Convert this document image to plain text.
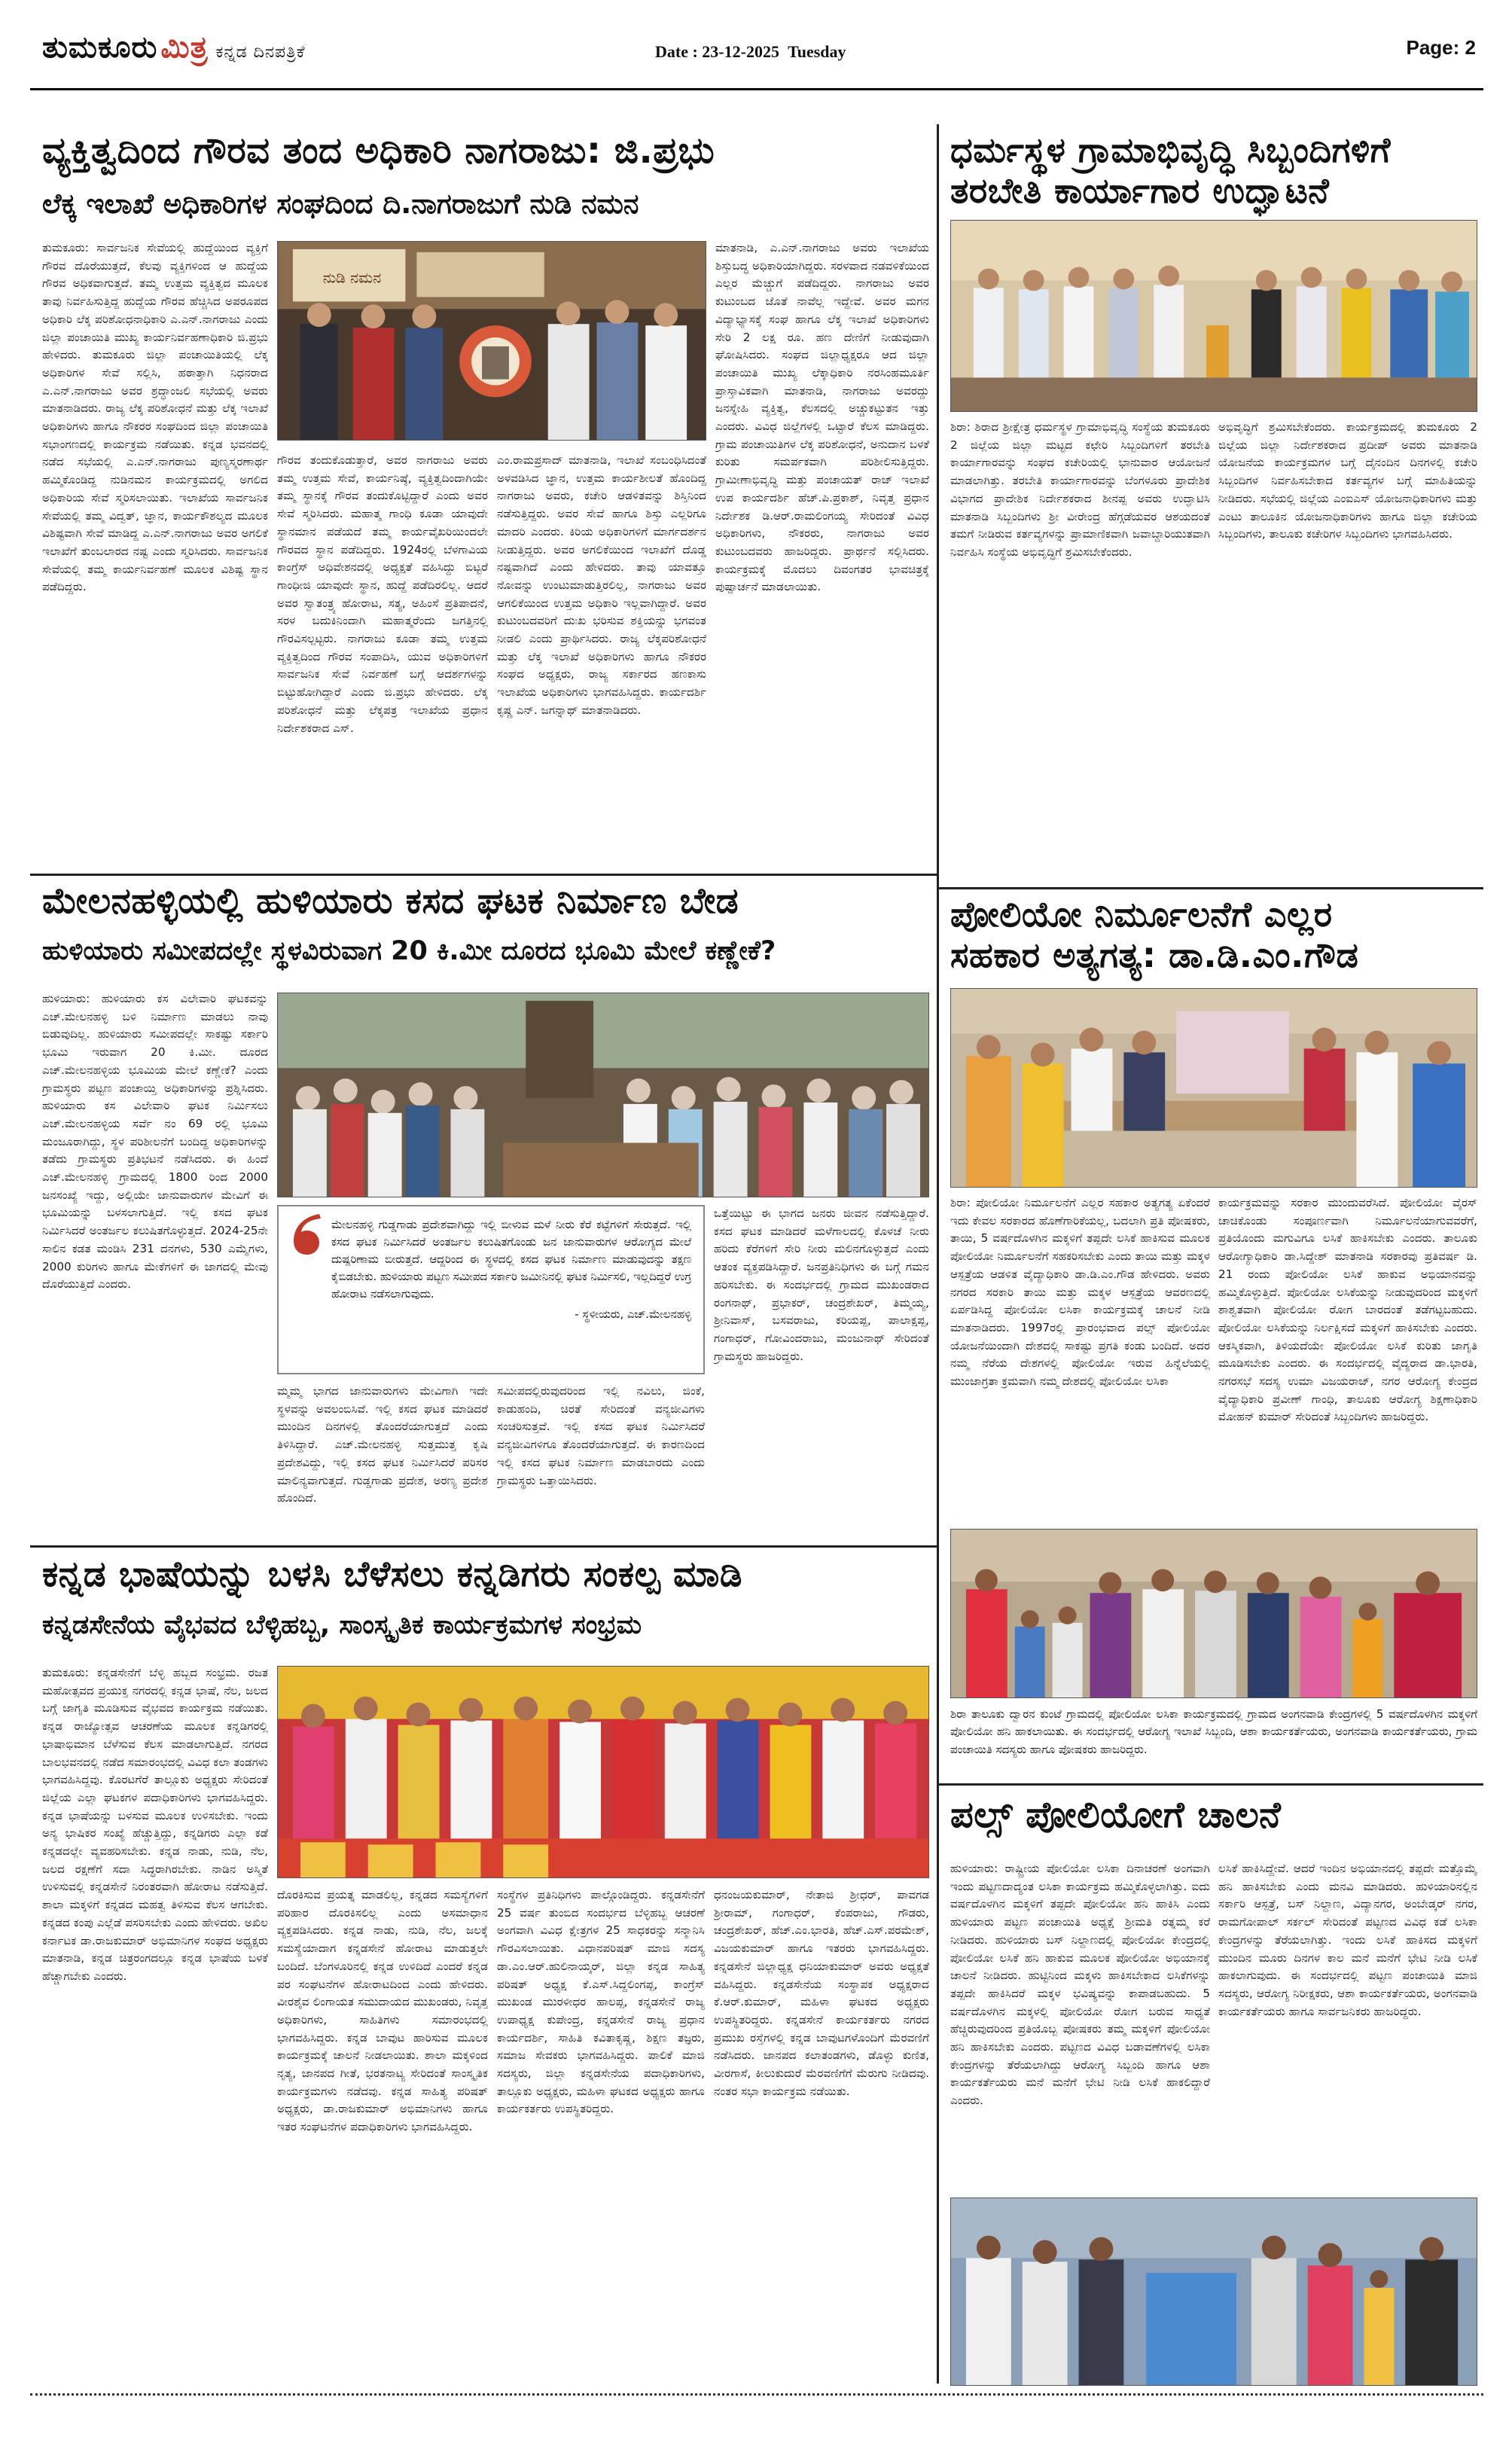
ತುಮಕೂರು ಮಿತ್ರ ಕನ್ನಡ ದಿನಪತ್ರಿಕೆ	Date : 23-12-2025 Tuesday	Page: 2
ವ್ಯಕ್ತಿತ್ವದಿಂದ ಗೌರವ ತಂದ ಅಧಿಕಾರಿ ನಾಗರಾಜು: ಜಿ.ಪ್ರಭು
ಲೆಕ್ಕ ಇಲಾಖೆ ಅಧಿಕಾರಿಗಳ ಸಂಘದಿಂದ ದಿ.ನಾಗರಾಜುಗೆ ನುಡಿ ನಮನ
ತುಮಕೂರು: ಸಾರ್ವಜನಿಕ ಸೇವೆಯಲ್ಲಿ ಹುದ್ದೆಯಿಂದ ವ್ಯಕ್ತಿಗೆ ಗೌರವ ದೊರೆಯುತ್ತದೆ, ಕೆಲವು ವ್ಯಕ್ತಿಗಳಿಂದ ಆ ಹುದ್ದೆಯ ಗೌರವ ಅಧಿಕವಾಗುತ್ತದೆ. ತಮ್ಮ ಉತ್ತಮ ವ್ಯಕ್ತಿತ್ವದ ಮೂಲಕ ತಾವು ನಿರ್ವಹಿಸುತ್ತಿದ್ದ ಹುದ್ದೆಯ ಗೌರವ ಹೆಚ್ಚಿಸಿದ ಅಪರೂಪದ ಅಧಿಕಾರಿ ಲೆಕ್ಕ ಪರಿಶೋಧನಾಧಿಕಾರಿ ಎ.ಎನ್.ನಾಗರಾಜು ಎಂದು ಜಿಲ್ಲಾ ಪಂಚಾಯಿತಿ ಮುಖ್ಯ ಕಾರ್ಯನಿರ್ವಹಣಾಧಿಕಾರಿ ಜಿ.ಪ್ರಭು ಹೇಳಿದರು. ತುಮಕೂರು ಜಿಲ್ಲಾ ಪಂಚಾಯಿತಿಯಲ್ಲಿ ಲೆಕ್ಕ ಅಧಿಕಾರಿಗಳ ಸೇವೆ ಸಲ್ಲಿಸಿ, ಹಠಾತ್ತಾಗಿ ನಿಧನರಾದ ಎ.ಎನ್.ನಾಗರಾಜು ಅವರ ಶ್ರದ್ಧಾಂಜಲಿ ಸಭೆಯಲ್ಲಿ ಅವರು ಮಾತನಾಡಿದರು. ರಾಜ್ಯ ಲೆಕ್ಕ ಪರಿಶೋಧನೆ ಮತ್ತು ಲೆಕ್ಕ ಇಲಾಖೆ ಅಧಿಕಾರಿಗಳು ಹಾಗೂ ನೌಕರರ ಸಂಘದಿಂದ ಜಿಲ್ಲಾ ಪಂಚಾಯಿತಿ ಸಭಾಂಗಣದಲ್ಲಿ ಕಾರ್ಯಕ್ರಮ ನಡೆಯಿತು. ಕನ್ನಡ ಭವನದಲ್ಲಿ ನಡೆದ ಸಭೆಯಲ್ಲಿ ಎ.ಎನ್.ನಾಗರಾಜು ಪುಣ್ಯಸ್ಮರಣಾರ್ಥ ಹಮ್ಮಿಕೊಂಡಿದ್ದ ನುಡಿನಮನ ಕಾರ್ಯಕ್ರಮದಲ್ಲಿ ಅಗಲಿದ ಅಧಿಕಾರಿಯ ಸೇವೆ ಸ್ಮರಿಸಲಾಯಿತು. ಇಲಾಖೆಯ ಸಾರ್ವಜನಿಕ ಸೇವೆಯಲ್ಲಿ ತಮ್ಮ ವಿದ್ವತ್, ಜ್ಞಾನ, ಕಾರ್ಯಕೌಶಲ್ಯದ ಮೂಲಕ ವಿಶಿಷ್ಟವಾಗಿ ಸೇವೆ ಮಾಡಿದ್ದ ಎ.ಎನ್.ನಾಗರಾಜು ಅವರ ಅಗಲಿಕೆ ಇಲಾಖೆಗೆ ತುಂಬಲಾರದ ನಷ್ಟ ಎಂದು ಸ್ಮರಿಸಿದರು. ಸಾರ್ವಜನಿಕ ಸೇವೆಯಲ್ಲಿ ತಮ್ಮ ಕಾರ್ಯನಿರ್ವಹಣೆ ಮೂಲಕ ವಿಶಿಷ್ಟ ಸ್ಥಾನ ಪಡೆದಿದ್ದರು.
ನುಡಿ ನಮನ
ಗೌರವ ತಂದುಕೊಡುತ್ತಾರೆ, ಅವರ ನಾಗರಾಜು ಅವರು ತಮ್ಮ ಉತ್ತಮ ಸೇವೆ, ಕಾರ್ಯನಿಷ್ಠೆ, ವ್ಯಕ್ತಿತ್ವದಿಂದಾಗಿಯೇ ತಮ್ಮ ಸ್ಥಾನಕ್ಕೆ ಗೌರವ ತಂದುಕೊಟ್ಟಿದ್ದಾರೆ ಎಂದು ಅವರ ಸೇವೆ ಸ್ಮರಿಸಿದರು. ಮಹಾತ್ಮ ಗಾಂಧಿ ಕೂಡಾ ಯಾವುದೇ ಸ್ಥಾನಮಾನ ಪಡೆಯದೆ ತಮ್ಮ ಕಾರ್ಯವೈಖರಿಯಿಂದಲೇ ಗೌರವದ ಸ್ಥಾನ ಪಡೆದಿದ್ದರು. 1924ರಲ್ಲಿ ಬೆಳಗಾವಿಯ ಕಾಂಗ್ರೆಸ್ ಅಧಿವೇಶನದಲ್ಲಿ ಅಧ್ಯಕ್ಷತೆ ವಹಿಸಿದ್ದು ಬಿಟ್ಟರೆ ಗಾಂಧೀಜಿ ಯಾವುದೇ ಸ್ಥಾನ, ಹುದ್ದೆ ಪಡೆದಿರಲಿಲ್ಲ. ಆದರೆ ಅವರ ಸ್ವಾತಂತ್ರ್ಯ ಹೋರಾಟ, ಸತ್ಯ, ಅಹಿಂಸೆ ಪ್ರತಿಪಾದನೆ, ಸರಳ ಬದುಕಿನಿಂದಾಗಿ ಮಹಾತ್ಮರೆಂದು ಜಗತ್ತಿನಲ್ಲಿ ಗೌರವಿಸಲ್ಪಟ್ಟರು. ನಾಗರಾಜು ಕೂಡಾ ತಮ್ಮ ಉತ್ತಮ ವ್ಯಕ್ತಿತ್ವದಿಂದ ಗೌರವ ಸಂಪಾದಿಸಿ, ಯುವ ಅಧಿಕಾರಿಗಳಿಗೆ ಸಾರ್ವಜನಿಕ ಸೇವೆ ನಿರ್ವಹಣೆ ಬಗ್ಗೆ ಆದರ್ಶಗಳನ್ನು ಬಿಟ್ಟುಹೋಗಿದ್ದಾರೆ ಎಂದು ಜಿ.ಪ್ರಭು ಹೇಳಿದರು. ಲೆಕ್ಕ ಪರಿಶೋಧನೆ ಮತ್ತು ಲೆಕ್ಕಪತ್ರ ಇಲಾಖೆಯ ಪ್ರಧಾನ ನಿರ್ದೇಶಕರಾದ ಎಸ್.
ಎಂ.ರಾಮಪ್ರಸಾದ್ ಮಾತನಾಡಿ, ಇಲಾಖೆ ಸಂಬಂಧಿಸಿದಂತೆ ಅಳವಡಿಸಿದ ಜ್ಞಾನ, ಉತ್ತಮ ಕಾರ್ಯಶೀಲತೆ ಹೊಂದಿದ್ದ ನಾಗರಾಜು ಅವರು, ಕಚೇರಿ ಆಡಳಿತವನ್ನು ಶಿಸ್ತಿನಿಂದ ನಡೆಸುತ್ತಿದ್ದರು. ಅವರ ಸೇವೆ ಹಾಗೂ ಶಿಸ್ತು ಎಲ್ಲರಿಗೂ ಮಾದರಿ ಎಂದರು. ಕಿರಿಯ ಅಧಿಕಾರಿಗಳಿಗೆ ಮಾರ್ಗದರ್ಶನ ನೀಡುತ್ತಿದ್ದರು. ಅವರ ಅಗಲಿಕೆಯಿಂದ ಇಲಾಖೆಗೆ ದೊಡ್ಡ ನಷ್ಟವಾಗಿದೆ ಎಂದು ಹೇಳಿದರು. ತಾವು ಯಾವತ್ತೂ ನೋವನ್ನು ಉಂಟುಮಾಡುತ್ತಿರಲಿಲ್ಲ, ನಾಗರಾಜು ಅವರ ಆಗಲಿಕೆಯಿಂದ ಉತ್ತಮ ಅಧಿಕಾರಿ ಇಲ್ಲವಾಗಿದ್ದಾರೆ. ಅವರ ಕುಟುಂಬದವರಿಗೆ ದುಃಖ ಭರಿಸುವ ಶಕ್ತಿಯನ್ನು ಭಗವಂತ ನೀಡಲಿ ಎಂದು ಪ್ರಾರ್ಥಿಸಿದರು. ರಾಜ್ಯ ಲೆಕ್ಕಪರಿಶೋಧನೆ ಮತ್ತು ಲೆಕ್ಕ ಇಲಾಖೆ ಅಧಿಕಾರಿಗಳು ಹಾಗೂ ನೌಕರರ ಸಂಘದ ಅಧ್ಯಕ್ಷರು, ರಾಜ್ಯ ಸರ್ಕಾರದ ಹಣಕಾಸು ಇಲಾಖೆಯ ಅಧಿಕಾರಿಗಳು ಭಾಗವಹಿಸಿದ್ದರು. ಕಾರ್ಯದರ್ಶಿ ಕೃಷ್ಣ ಎನ್. ಜಗನ್ನಾಥ್ ಮಾತನಾಡಿದರು.
ಮಾತನಾಡಿ, ಎ.ಎನ್.ನಾಗರಾಜು ಅವರು ಇಲಾಖೆಯ ಶಿಸ್ತುಬದ್ಧ ಅಧಿಕಾರಿಯಾಗಿದ್ದರು. ಸರಳವಾದ ನಡವಳಿಕೆಯಿಂದ ಎಲ್ಲರ ಮೆಚ್ಚುಗೆ ಪಡೆದಿದ್ದರು. ನಾಗರಾಜು ಅವರ ಕುಟುಂಬದ ಜೊತೆ ನಾವೆಲ್ಲ ಇದ್ದೇವೆ. ಅವರ ಮಗನ ವಿದ್ಯಾಭ್ಯಾಸಕ್ಕೆ ಸಂಘ ಹಾಗೂ ಲೆಕ್ಕ ಇಲಾಖೆ ಅಧಿಕಾರಿಗಳು ಸೇರಿ 2 ಲಕ್ಷ ರೂ. ಹಣ ದೇಣಿಗೆ ನೀಡುವುದಾಗಿ ಘೋಷಿಸಿದರು. ಸಂಘದ ಜಿಲ್ಲಾಧ್ಯಕ್ಷರೂ ಆದ ಜಿಲ್ಲಾ ಪಂಚಾಯಿತಿ ಮುಖ್ಯ ಲೆಕ್ಕಾಧಿಕಾರಿ ನರಸಿಂಹಮೂರ್ತಿ ಪ್ರಾಸ್ತಾವಿಕವಾಗಿ ಮಾತನಾಡಿ, ನಾಗರಾಜು ಅವರದ್ದು ಜನಸ್ನೇಹಿ ವ್ಯಕ್ತಿತ್ವ, ಕೆಲಸದಲ್ಲಿ ಅಚ್ಚುಕಟ್ಟುತನ ಇತ್ತು ಎಂದರು. ವಿವಿಧ ಜಿಲ್ಲೆಗಳಲ್ಲಿ ಒಟ್ಟಾರೆ ಕೆಲಸ ಮಾಡಿದ್ದರು. ಗ್ರಾಮ ಪಂಚಾಯಿತಿಗಳ ಲೆಕ್ಕ ಪರಿಶೋಧನೆ, ಅನುದಾನ ಬಳಕೆ ಕುರಿತು ಸಮರ್ಪಕವಾಗಿ ಪರಿಶೀಲಿಸುತ್ತಿದ್ದರು. ಗ್ರಾಮೀಣಾಭಿವೃದ್ಧಿ ಮತ್ತು ಪಂಚಾಯತ್ ರಾಜ್ ಇಲಾಖೆ ಉಪ ಕಾರ್ಯದರ್ಶಿ ಹೆಚ್.ಪಿ.ಪ್ರಕಾಶ್, ನಿವೃತ್ತ ಪ್ರಧಾನ ನಿರ್ದೇಶಕ ಡಿ.ಆರ್.ರಾಮಲಿಂಗಯ್ಯ ಸೇರಿದಂತೆ ವಿವಿಧ ಅಧಿಕಾರಿಗಳು, ನೌಕರರು, ನಾಗರಾಜು ಅವರ ಕುಟುಂಬದವರು ಹಾಜರಿದ್ದರು. ಪ್ರಾರ್ಥನೆ ಸಲ್ಲಿಸಿದರು. ಕಾರ್ಯಕ್ರಮಕ್ಕೆ ಮೊದಲು ದಿವಂಗತರ ಭಾವಚಿತ್ರಕ್ಕೆ ಪುಷ್ಪಾರ್ಚನೆ ಮಾಡಲಾಯಿತು.
ಧರ್ಮಸ್ಥಳ ಗ್ರಾಮಾಭಿವೃದ್ಧಿ ಸಿಬ್ಬಂದಿಗಳಿಗೆ
ತರಬೇತಿ ಕಾರ್ಯಾಗಾರ ಉದ್ಘಾಟನೆ
ಶಿರಾ: ಶಿರಾದ ಶ್ರೀಕ್ಷೇತ್ರ ಧರ್ಮಸ್ಥಳ ಗ್ರಾಮಾಭಿವೃದ್ಧಿ ಸಂಸ್ಥೆಯ ತುಮಕೂರು 2 ಜಿಲ್ಲೆಯ ಜಿಲ್ಲಾ ಮಟ್ಟದ ಕಛೇರಿ ಸಿಬ್ಬಂದಿಗಳಿಗೆ ತರಬೇತಿ ಕಾರ್ಯಾಗಾರವನ್ನು ಸಂಘದ ಕಚೇರಿಯಲ್ಲಿ ಭಾನುವಾರ ಆಯೋಜನೆ ಮಾಡಲಾಗಿತ್ತು. ತರಬೇತಿ ಕಾರ್ಯಾಗಾರವನ್ನು ಬೆಂಗಳೂರು ಪ್ರಾದೇಶಿಕ ವಿಭಾಗದ ಪ್ರಾದೇಶಿಕ ನಿರ್ದೇಶಕರಾದ ಶೀನಪ್ಪ ಅವರು ಉದ್ಘಾಟಿಸಿ ಮಾತನಾಡಿ ಸಿಬ್ಬಂದಿಗಳು ಶ್ರೀ ವೀರೇಂದ್ರ ಹೆಗ್ಗಡೆಯವರ ಆಶಯದಂತೆ ತಮಗೆ ನೀಡಿರುವ ಕರ್ತವ್ಯಗಳನ್ನು ಪ್ರಾಮಾಣಿಕವಾಗಿ ಜವಾಬ್ದಾರಿಯುತವಾಗಿ ನಿರ್ವಹಿಸಿ ಸಂಸ್ಥೆಯ ಅಭಿವೃದ್ಧಿಗೆ ಶ್ರಮಿಸಬೇಕೆಂದರು.
ಅಭಿವೃದ್ಧಿಗೆ ಶ್ರಮಿಸಬೇಕೆಂದರು. ಕಾರ್ಯಕ್ರಮದಲ್ಲಿ ತುಮಕೂರು 2 ಜಿಲ್ಲೆಯ ಜಿಲ್ಲಾ ನಿರ್ದೇಶಕರಾದ ಪ್ರದೀಪ್ ಅವರು ಮಾತನಾಡಿ ಯೋಜನೆಯ ಕಾರ್ಯಕ್ರಮಗಳ ಬಗ್ಗೆ ದೈನಂದಿನ ದಿನಗಳಲ್ಲಿ ಕಚೇರಿ ಸಿಬ್ಬಂದಿಗಳ ನಿರ್ವಹಿಸಬೇಕಾದ ಕರ್ತವ್ಯಗಳ ಬಗ್ಗೆ ಮಾಹಿತಿಯನ್ನು ನೀಡಿದರು. ಸಭೆಯಲ್ಲಿ ಜಿಲ್ಲೆಯ ಎಂಐಎಸ್ ಯೋಜನಾಧಿಕಾರಿಗಳು ಮತ್ತು ಎಂಟು ತಾಲೂಕಿನ ಯೋಜನಾಧಿಕಾರಿಗಳು ಹಾಗೂ ಜಿಲ್ಲಾ ಕಚೇರಿಯ ಸಿಬ್ಬಂದಿಗಳು, ತಾಲೂಕು ಕಚೇರಿಗಳ ಸಿಬ್ಬಂದಿಗಳು ಭಾಗವಹಿಸಿದರು.
ಪೋಲಿಯೋ ನಿರ್ಮೂಲನೆಗೆ ಎಲ್ಲರ
ಸಹಕಾರ ಅತ್ಯಗತ್ಯ: ಡಾ.ಡಿ.ಎಂ.ಗೌಡ
ಶಿರಾ: ಪೋಲಿಯೋ ನಿರ್ಮೂಲನೆಗೆ ಎಲ್ಲರ ಸಹಕಾರ ಅತ್ಯಗತ್ಯ ಏಕೆಂದರೆ ಇದು ಕೇವಲ ಸರಕಾರದ ಹೊಣೆಗಾರಿಕೆಯಲ್ಲ, ಬದಲಾಗಿ ಪ್ರತಿ ಪೋಷಕರು, ತಾಯಿ, 5 ವರ್ಷದೊಳಗಿನ ಮಕ್ಕಳಿಗೆ ತಪ್ಪದೇ ಲಸಿಕೆ ಹಾಕಿಸುವ ಮೂಲಕ ಪೋಲಿಯೋ ನಿರ್ಮೂಲನೆಗೆ ಸಹಕರಿಸಬೇಕು ಎಂದು ತಾಯಿ ಮತ್ತು ಮಕ್ಕಳ ಆಸ್ಪತ್ರೆಯ ಆಡಳಿತ ವೈದ್ಯಾಧಿಕಾರಿ ಡಾ.ಡಿ.ಎಂ.ಗೌಡ ಹೇಳಿದರು. ಅವರು ನಗರದ ಸರಕಾರಿ ತಾಯಿ ಮತ್ತು ಮಕ್ಕಳ ಆಸ್ಪತ್ರೆಯ ಆವರಣದಲ್ಲಿ ಏರ್ಪಡಿಸಿದ್ದ ಪೋಲಿಯೋ ಲಸಿಕಾ ಕಾರ್ಯಕ್ರಮಕ್ಕೆ ಚಾಲನೆ ನೀಡಿ ಮಾತನಾಡಿದರು. 1997ರಲ್ಲಿ ಪ್ರಾರಂಭವಾದ ಪಲ್ಸ್ ಪೋಲಿಯೋ ಯೋಜನೆಯಿಂದಾಗಿ ದೇಶದಲ್ಲಿ ಸಾಕಷ್ಟು ಪ್ರಗತಿ ಕಂಡು ಬಂದಿದೆ. ಅದರ ನಮ್ಮ ನೆರೆಯ ದೇಶಗಳಲ್ಲಿ ಪೋಲಿಯೋ ಇರುವ ಹಿನ್ನೆಲೆಯಲ್ಲಿ ಮುಂಜಾಗ್ರತಾ ಕ್ರಮವಾಗಿ ನಮ್ಮ ದೇಶದಲ್ಲಿ ಪೋಲಿಯೋ ಲಸಿಕಾ
ಕಾರ್ಯಕ್ರಮವನ್ನು ಸರಕಾರ ಮುಂದುವರೆಸಿದೆ. ಪೋಲಿಯೋ ವೈರಸ್ ಚಾಚಿಕೊಂಡು ಸಂಪೂರ್ಣವಾಗಿ ನಿರ್ಮೂಲನೆಯಾಗುವವರೆಗೆ, ಪ್ರತಿಯೊಂದು ಮಗುವಿಗೂ ಲಸಿಕೆ ಹಾಕಿಸಬೇಕು ಎಂದರು. ತಾಲೂಕು ಆರೋಗ್ಯಾಧಿಕಾರಿ ಡಾ.ಸಿದ್ದೇಶ್ ಮಾತನಾಡಿ ಸರಕಾರವು ಪ್ರತಿವರ್ಷ ಡಿ. 21 ರಂದು ಪೋಲಿಯೋ ಲಸಿಕೆ ಹಾಕುವ ಅಭಿಯಾನವನ್ನು ಹಮ್ಮಿಕೊಳ್ಳುತ್ತಿದೆ. ಪೋಲಿಯೋ ಲಸಿಕೆಯನ್ನು ನೀಡುವುದರಿಂದ ಮಕ್ಕಳಿಗೆ ಶಾಶ್ವತವಾಗಿ ಪೋಲಿಯೋ ರೋಗ ಬಾರದಂತೆ ತಡೆಗಟ್ಟಬಹುದು. ಪೋಲಿಯೋ ಲಸಿಕೆಯನ್ನು ನಿರ್ಲಕ್ಷಿಸದೆ ಮಕ್ಕಳಿಗೆ ಹಾಕಿಸಬೇಕು ಎಂದರು. ಆಕಸ್ಮಿಕವಾಗಿ, ತಿಳಿಯದೆಯೇ ಪೋಲಿಯೋ ಲಸಿಕೆ ಕುರಿತು ಜಾಗೃತಿ ಮೂಡಿಸಬೇಕು ಎಂದರು. ಈ ಸಂದರ್ಭದಲ್ಲಿ ವೈದ್ಯರಾದ ಡಾ.ಭಾರತಿ, ನಗರಸಭೆ ಸದಸ್ಯ ಉಮಾ ವಿಜಯರಾಜ್, ನಗರ ಆರೋಗ್ಯ ಕೇಂದ್ರದ ವೈದ್ಯಾಧಿಕಾರಿ ಪ್ರವೀಣ್ ಗಾಂಧಿ, ತಾಲೂಕು ಆರೋಗ್ಯ ಶಿಕ್ಷಣಾಧಿಕಾರಿ ಮೋಹನ್ ಕುಮಾರ್ ಸೇರಿದಂತೆ ಸಿಬ್ಬಂದಿಗಳು ಹಾಜರಿದ್ದರು.
ಶಿರಾ ತಾಲೂಕು ದ್ವಾರನ ಕುಂಟೆ ಗ್ರಾಮದಲ್ಲಿ ಪೋಲಿಯೋ ಲಸಿಕಾ ಕಾರ್ಯಕ್ರಮದಲ್ಲಿ ಗ್ರಾಮದ ಅಂಗನವಾಡಿ ಕೇಂದ್ರಗಳಲ್ಲಿ 5 ವರ್ಷದೊಳಗಿನ ಮಕ್ಕಳಿಗೆ ಪೋಲಿಯೋ ಹನಿ ಹಾಕಲಾಯಿತು. ಈ ಸಂದರ್ಭದಲ್ಲಿ ಆರೋಗ್ಯ ಇಲಾಖೆ ಸಿಬ್ಬಂದಿ, ಆಶಾ ಕಾರ್ಯಕರ್ತೆಯರು, ಅಂಗನವಾಡಿ ಕಾರ್ಯಕರ್ತೆಯರು, ಗ್ರಾಮ ಪಂಚಾಯಿತಿ ಸದಸ್ಯರು ಹಾಗೂ ಪೋಷಕರು ಹಾಜರಿದ್ದರು.
ಪಲ್ಸ್ ಪೋಲಿಯೋಗೆ ಚಾಲನೆ
ಹುಳಿಯಾರು: ರಾಷ್ಟ್ರೀಯ ಪೋಲಿಯೋ ಲಸಿಕಾ ದಿನಾಚರಣೆ ಅಂಗವಾಗಿ ಇಂದು ಪಟ್ಟಣದಾದ್ಯಂತ ಲಸಿಕಾ ಕಾರ್ಯಕ್ರಮ ಹಮ್ಮಿಕೊಳ್ಳಲಾಗಿತ್ತು. ಐದು ವರ್ಷದೊಳಗಿನ ಮಕ್ಕಳಿಗೆ ತಪ್ಪದೇ ಪೋಲಿಯೋ ಹನಿ ಹಾಕಿಸಿ ಎಂದು ಹುಳಿಯಾರು ಪಟ್ಟಣ ಪಂಚಾಯಿತಿ ಅಧ್ಯಕ್ಷೆ ಶ್ರೀಮತಿ ರತ್ನಮ್ಮ ಕರೆ ನೀಡಿದರು. ಹುಳಿಯಾರು ಬಸ್ ನಿಲ್ದಾಣದಲ್ಲಿ ಪೋಲಿಯೋ ಕೇಂದ್ರದಲ್ಲಿ ಪೋಲಿಯೋ ಲಸಿಕೆ ಹನಿ ಹಾಕುವ ಮೂಲಕ ಪೋಲಿಯೋ ಅಭಿಯಾನಕ್ಕೆ ಚಾಲನೆ ನೀಡಿದರು. ಹುಟ್ಟಿನಿಂದ ಮಕ್ಕಳು ಹಾಕಿಸಬೇಕಾದ ಲಸಿಕೆಗಳನ್ನು ತಪ್ಪದೇ ಹಾಕಿಸಿದರೆ ಮಕ್ಕಳ ಭವಿಷ್ಯವನ್ನು ಕಾಪಾಡಬಹುದು. 5 ವರ್ಷದೊಳಗಿನ ಮಕ್ಕಳಲ್ಲಿ ಪೋಲಿಯೋ ರೋಗ ಬರುವ ಸಾಧ್ಯತೆ ಹೆಚ್ಚಿರುವುದರಿಂದ ಪ್ರತಿಯೊಬ್ಬ ಪೋಷಕರು ತಮ್ಮ ಮಕ್ಕಳಿಗೆ ಪೋಲಿಯೋ ಹನಿ ಹಾಕಿಸಬೇಕು ಎಂದರು. ಪಟ್ಟಣದ ವಿವಿಧ ಬಡಾವಣೆಗಳಲ್ಲಿ ಲಸಿಕಾ ಕೇಂದ್ರಗಳನ್ನು ತೆರೆಯಲಾಗಿದ್ದು ಆರೋಗ್ಯ ಸಿಬ್ಬಂದಿ ಹಾಗೂ ಆಶಾ ಕಾರ್ಯಕರ್ತೆಯರು ಮನೆ ಮನೆಗೆ ಭೇಟಿ ನೀಡಿ ಲಸಿಕೆ ಹಾಕಲಿದ್ದಾರೆ ಎಂದರು.
ಲಸಿಕೆ ಹಾಕಿಸಿದ್ದೇವೆ. ಆದರೆ ಇಂದಿನ ಅಭಿಯಾನದಲ್ಲಿ ತಪ್ಪದೇ ಮತ್ತೊಮ್ಮೆ ಹನಿ ಹಾಕಿಸಬೇಕು ಎಂದು ಮನವಿ ಮಾಡಿದರು. ಹುಳಿಯಾರಿನಲ್ಲಿನ ಸರ್ಕಾರಿ ಆಸ್ಪತ್ರೆ, ಬಸ್ ನಿಲ್ದಾಣ, ವಿದ್ಯಾನಗರ, ಅಂಬೇಡ್ಕರ್ ನಗರ, ರಾಮಗೋಪಾಲ್ ಸರ್ಕಲ್ ಸೇರಿದಂತೆ ಪಟ್ಟಣದ ವಿವಿಧ ಕಡೆ ಲಸಿಕಾ ಕೇಂದ್ರಗಳನ್ನು ತೆರೆಯಲಾಗಿತ್ತು. ಇಂದು ಲಸಿಕೆ ಹಾಕಿಸದ ಮಕ್ಕಳಿಗೆ ಮುಂದಿನ ಮೂರು ದಿನಗಳ ಕಾಲ ಮನೆ ಮನೆಗೆ ಭೇಟಿ ನೀಡಿ ಲಸಿಕೆ ಹಾಕಲಾಗುವುದು. ಈ ಸಂದರ್ಭದಲ್ಲಿ ಪಟ್ಟಣ ಪಂಚಾಯಿತಿ ಮಾಜಿ ಸದಸ್ಯರು, ಆರೋಗ್ಯ ನಿರೀಕ್ಷಕರು, ಆಶಾ ಕಾರ್ಯಕರ್ತೆಯರು, ಅಂಗನವಾಡಿ ಕಾರ್ಯಕರ್ತೆಯರು ಹಾಗೂ ಸಾರ್ವಜನಿಕರು ಹಾಜರಿದ್ದರು.
ಮೇಲನಹಳ್ಳಿಯಲ್ಲಿ ಹುಳಿಯಾರು ಕಸದ ಘಟಕ ನಿರ್ಮಾಣ ಬೇಡ
ಹುಳಿಯಾರು ಸಮೀಪದಲ್ಲೇ ಸ್ಥಳವಿರುವಾಗ 20 ಕಿ.ಮೀ ದೂರದ ಭೂಮಿ ಮೇಲೆ ಕಣ್ಣೇಕೆ?
ಹುಳಿಯಾರು: ಹುಳಿಯಾರು ಕಸ ವಿಲೇವಾರಿ ಘಟಕವನ್ನು ಎಚ್.ಮೇಲನಹಳ್ಳಿ ಬಳಿ ನಿರ್ಮಾಣ ಮಾಡಲು ನಾವು ಬಿಡುವುದಿಲ್ಲ. ಹುಳಿಯಾರು ಸಮೀಪದಲ್ಲೇ ಸಾಕಷ್ಟು ಸರ್ಕಾರಿ ಭೂಮಿ ಇರುವಾಗ 20 ಕಿ.ಮೀ. ದೂರದ ಎಚ್.ಮೇಲನಹಳ್ಳಿಯ ಭೂಮಿಯ ಮೇಲೆ ಕಣ್ಣೇಕೆ? ಎಂದು ಗ್ರಾಮಸ್ಥರು ಪಟ್ಟಣ ಪಂಚಾಯ್ತಿ ಅಧಿಕಾರಿಗಳನ್ನು ಪ್ರಶ್ನಿಸಿದರು. ಹುಳಿಯಾರು ಕಸ ವಿಲೇವಾರಿ ಘಟಕ ನಿರ್ಮಿಸಲು ಎಚ್.ಮೇಲನಹಳ್ಳಿಯ ಸರ್ವೆ ನಂ 69 ರಲ್ಲಿ ಭೂಮಿ ಮಂಜೂರಾಗಿದ್ದು, ಸ್ಥಳ ಪರಿಶೀಲನೆಗೆ ಬಂದಿದ್ದ ಅಧಿಕಾರಿಗಳನ್ನು ತಡೆದು ಗ್ರಾಮಸ್ಥರು ಪ್ರತಿಭಟನೆ ನಡೆಸಿದರು. ಈ ಹಿಂದೆ ಎಚ್.ಮೇಲನಹಳ್ಳಿ ಗ್ರಾಮದಲ್ಲಿ 1800 ರಿಂದ 2000 ಜನಸಂಖ್ಯೆ ಇದ್ದು, ಅಲ್ಲಿಯೇ ಜಾನುವಾರುಗಳ ಮೇವಿಗೆ ಈ ಭೂಮಿಯನ್ನು ಬಳಸಲಾಗುತ್ತಿದೆ. ಇಲ್ಲಿ ಕಸದ ಘಟಕ ನಿರ್ಮಿಸಿದರೆ ಅಂತರ್ಜಲ ಕಲುಷಿತಗೊಳ್ಳುತ್ತದೆ. 2024-25ನೇ ಸಾಲಿನ ಕಡತ ಮಂಡಿಸಿ 231 ದನಗಳು, 530 ಎಮ್ಮೆಗಳು, 2000 ಕುರಿಗಳು ಹಾಗೂ ಮೇಕೆಗಳಿಗೆ ಈ ಜಾಗದಲ್ಲಿ ಮೇವು ದೊರೆಯುತ್ತಿದೆ ಎಂದರು.
ಮೇಲನಹಳ್ಳಿ ಗುಡ್ಡಗಾಡು ಪ್ರದೇಶವಾಗಿದ್ದು ಇಲ್ಲಿ ಬೀಳುವ ಮಳೆ ನೀರು ಕೆರೆ ಕಟ್ಟೆಗಳಿಗೆ ಸೇರುತ್ತದೆ. ಇಲ್ಲಿ ಕಸದ ಘಟಕ ನಿರ್ಮಿಸಿದರೆ ಅಂತರ್ಜಲ ಕಲುಷಿತಗೊಂಡು ಜನ ಜಾನುವಾರುಗಳ ಆರೋಗ್ಯದ ಮೇಲೆ ದುಷ್ಪರಿಣಾಮ ಬೀರುತ್ತದೆ. ಆದ್ದರಿಂದ ಈ ಸ್ಥಳದಲ್ಲಿ ಕಸದ ಘಟಕ ನಿರ್ಮಾಣ ಮಾಡುವುದನ್ನು ತಕ್ಷಣ ಕೈಬಿಡಬೇಕು. ಹುಳಿಯಾರು ಪಟ್ಟಣ ಸಮೀಪದ ಸರ್ಕಾರಿ ಜಮೀನಿನಲ್ಲಿ ಘಟಕ ನಿರ್ಮಿಸಲಿ, ಇಲ್ಲದಿದ್ದರೆ ಉಗ್ರ ಹೋರಾಟ ನಡೆಸಲಾಗುವುದು.
- ಸ್ಥಳೀಯರು, ಎಚ್.ಮೇಲನಹಳ್ಳಿ
ಒತ್ತೆಯಿಟ್ಟು ಈ ಭಾಗದ ಜನರು ಜೀವನ ನಡೆಸುತ್ತಿದ್ದಾರೆ. ಕಸದ ಘಟಕ ಮಾಡಿದರೆ ಮಳೆಗಾಲದಲ್ಲಿ ಕೊಳಚೆ ನೀರು ಹರಿದು ಕೆರೆಗಳಿಗೆ ಸೇರಿ ನೀರು ಮಲಿನಗೊಳ್ಳುತ್ತದೆ ಎಂದು ಆತಂಕ ವ್ಯಕ್ತಪಡಿಸಿದ್ದಾರೆ. ಜನಪ್ರತಿನಿಧಿಗಳು ಈ ಬಗ್ಗೆ ಗಮನ ಹರಿಸಬೇಕು. ಈ ಸಂದರ್ಭದಲ್ಲಿ ಗ್ರಾಮದ ಮುಖಂಡರಾದ ರಂಗನಾಥ್, ಪ್ರಭಾಕರ್, ಚಂದ್ರಶೇಖರ್, ತಿಮ್ಮಯ್ಯ, ಶ್ರೀನಿವಾಸ್, ಬಸವರಾಜು, ಕರಿಯಪ್ಪ, ಪಾಲಾಕ್ಷಪ್ಪ, ಗಂಗಾಧರ್, ಗೋವಿಂದರಾಜು, ಮಂಜುನಾಥ್ ಸೇರಿದಂತೆ ಗ್ರಾಮಸ್ಥರು ಹಾಜರಿದ್ದರು.
ಮ್ಮಮ್ಮ ಭಾಗದ ಜಾನುವಾರುಗಳು ಮೇವಿಗಾಗಿ ಇದೇ ಸ್ಥಳವನ್ನು ಅವಲಂಬಿಸಿವೆ. ಇಲ್ಲಿ ಕಸದ ಘಟಕ ಮಾಡಿದರೆ ಮುಂದಿನ ದಿನಗಳಲ್ಲಿ ತೊಂದರೆಯಾಗುತ್ತದೆ ಎಂದು ತಿಳಿಸಿದ್ದಾರೆ. ಎಚ್.ಮೇಲನಹಳ್ಳಿ ಸುತ್ತಮುತ್ತ ಕೃಷಿ ಪ್ರದೇಶವಿದ್ದು, ಇಲ್ಲಿ ಕಸದ ಘಟಕ ನಿರ್ಮಿಸಿದರೆ ಪರಿಸರ ಮಾಲಿನ್ಯವಾಗುತ್ತದೆ. ಗುಡ್ಡಗಾಡು ಪ್ರದೇಶ, ಅರಣ್ಯ ಪ್ರದೇಶ ಹೊಂದಿದೆ.
ಸಮೀಪದಲ್ಲಿರುವುದರಿಂದ ಇಲ್ಲಿ ನವಿಲು, ಜಿಂಕೆ, ಕಾಡುಹಂದಿ, ಚಿರತೆ ಸೇರಿದಂತೆ ವನ್ಯಜೀವಿಗಳು ಸಂಚರಿಸುತ್ತವೆ. ಇಲ್ಲಿ ಕಸದ ಘಟಕ ನಿರ್ಮಿಸಿದರೆ ವನ್ಯಜೀವಿಗಳಿಗೂ ತೊಂದರೆಯಾಗುತ್ತದೆ. ಈ ಕಾರಣದಿಂದ ಇಲ್ಲಿ ಕಸದ ಘಟಕ ನಿರ್ಮಾಣ ಮಾಡಬಾರದು ಎಂದು ಗ್ರಾಮಸ್ಥರು ಒತ್ತಾಯಿಸಿದರು.
ಕನ್ನಡ ಭಾಷೆಯನ್ನು ಬಳಸಿ ಬೆಳೆಸಲು ಕನ್ನಡಿಗರು ಸಂಕಲ್ಪ ಮಾಡಿ
ಕನ್ನಡಸೇನೆಯ ವೈಭವದ ಬೆಳ್ಳಿಹಬ್ಬ, ಸಾಂಸ್ಕೃತಿಕ ಕಾರ್ಯಕ್ರಮಗಳ ಸಂಭ್ರಮ
ತುಮಕೂರು: ಕನ್ನಡಸೇನೆಗೆ ಬೆಳ್ಳಿ ಹಬ್ಬದ ಸಂಭ್ರಮ. ರಜತ ಮಹೋತ್ಸವದ ಪ್ರಯುಕ್ತ ನಗರದಲ್ಲಿ ಕನ್ನಡ ಭಾಷೆ, ನೆಲ, ಜಲದ ಬಗ್ಗೆ ಜಾಗೃತಿ ಮೂಡಿಸುವ ವೈಭವದ ಕಾರ್ಯಕ್ರಮ ನಡೆಯಿತು. ಕನ್ನಡ ರಾಜ್ಯೋತ್ಸವ ಆಚರಣೆಯ ಮೂಲಕ ಕನ್ನಡಿಗರಲ್ಲಿ ಭಾಷಾಭಿಮಾನ ಬೆಳೆಸುವ ಕೆಲಸ ಮಾಡಲಾಗುತ್ತಿದೆ. ನಗರದ ಬಾಲಭವನದಲ್ಲಿ ನಡೆದ ಸಮಾರಂಭದಲ್ಲಿ ವಿವಿಧ ಕಲಾ ತಂಡಗಳು ಭಾಗವಹಿಸಿದ್ದವು. ಕೊರಟಗೆರೆ ತಾಲ್ಲೂಕು ಅಧ್ಯಕ್ಷರು ಸೇರಿದಂತೆ ಜಿಲ್ಲೆಯ ಎಲ್ಲಾ ಘಟಕಗಳ ಪದಾಧಿಕಾರಿಗಳು ಭಾಗವಹಿಸಿದ್ದರು. ಕನ್ನಡ ಭಾಷೆಯನ್ನು ಬಳಸುವ ಮೂಲಕ ಉಳಿಸಬೇಕು. ಇಂದು ಅನ್ಯ ಭಾಷಿಕರ ಸಂಖ್ಯೆ ಹೆಚ್ಚುತ್ತಿದ್ದು, ಕನ್ನಡಿಗರು ಎಲ್ಲಾ ಕಡೆ ಕನ್ನಡದಲ್ಲೇ ವ್ಯವಹರಿಸಬೇಕು. ಕನ್ನಡ ನಾಡು, ನುಡಿ, ನೆಲ, ಜಲದ ರಕ್ಷಣೆಗೆ ಸದಾ ಸಿದ್ಧರಾಗಿರಬೇಕು. ನಾಡಿನ ಅಸ್ಮಿತೆ ಉಳಿಸುವಲ್ಲಿ ಕನ್ನಡಸೇನೆ ನಿರಂತರವಾಗಿ ಹೋರಾಟ ನಡೆಸುತ್ತಿದೆ. ಶಾಲಾ ಮಕ್ಕಳಿಗೆ ಕನ್ನಡದ ಮಹತ್ವ ತಿಳಿಸುವ ಕೆಲಸ ಆಗಬೇಕು. ಕನ್ನಡದ ಕಂಪು ಎಲ್ಲೆಡೆ ಪಸರಿಸಬೇಕು ಎಂದು ಹೇಳಿದರು. ಅಖಿಲ ಕರ್ನಾಟಕ ಡಾ.ರಾಜಕುಮಾರ್ ಅಭಿಮಾನಿಗಳ ಸಂಘದ ಅಧ್ಯಕ್ಷರು ಮಾತನಾಡಿ, ಕನ್ನಡ ಚಿತ್ರರಂಗದಲ್ಲೂ ಕನ್ನಡ ಭಾಷೆಯ ಬಳಕೆ ಹೆಚ್ಚಾಗಬೇಕು ಎಂದರು.
ದೊರಕಿಸುವ ಪ್ರಯತ್ನ ಮಾಡಲಿಲ್ಲ, ಕನ್ನಡದ ಸಮಸ್ಯೆಗಳಿಗೆ ಪರಿಹಾರ ದೊರಕಿಸಲಿಲ್ಲ ಎಂದು ಅಸಮಾಧಾನ ವ್ಯಕ್ತಪಡಿಸಿದರು. ಕನ್ನಡ ನಾಡು, ನುಡಿ, ನೆಲ, ಜಲಕ್ಕೆ ಸಮಸ್ಯೆಯಾದಾಗ ಕನ್ನಡಸೇನೆ ಹೋರಾಟ ಮಾಡುತ್ತಲೇ ಬಂದಿದೆ. ಬೆಂಗಳೂರಿನಲ್ಲಿ ಕನ್ನಡ ಉಳಿದಿದೆ ಎಂದರೆ ಕನ್ನಡ ಪರ ಸಂಘಟನೆಗಳ ಹೋರಾಟದಿಂದ ಎಂದು ಹೇಳಿದರು. ವೀರಶೈವ ಲಿಂಗಾಯತ ಸಮುದಾಯದ ಮುಖಂಡರು, ನಿವೃತ್ತ ಅಧಿಕಾರಿಗಳು, ಸಾಹಿತಿಗಳು ಸಮಾರಂಭದಲ್ಲಿ ಭಾಗವಹಿಸಿದ್ದರು. ಕನ್ನಡ ಬಾವುಟ ಹಾರಿಸುವ ಮೂಲಕ ಕಾರ್ಯಕ್ರಮಕ್ಕೆ ಚಾಲನೆ ನೀಡಲಾಯಿತು. ಶಾಲಾ ಮಕ್ಕಳಿಂದ ನೃತ್ಯ, ಜಾನಪದ ಗೀತೆ, ಭರತನಾಟ್ಯ ಸೇರಿದಂತೆ ಸಾಂಸ್ಕೃತಿಕ ಕಾರ್ಯಕ್ರಮಗಳು ನಡೆದವು. ಕನ್ನಡ ಸಾಹಿತ್ಯ ಪರಿಷತ್ ಅಧ್ಯಕ್ಷರು, ಡಾ.ರಾಜಕುಮಾರ್ ಅಭಿಮಾನಿಗಳು ಹಾಗೂ ಇತರ ಸಂಘಟನೆಗಳ ಪದಾಧಿಕಾರಿಗಳು ಭಾಗವಹಿಸಿದ್ದರು.
ಸಂಸ್ಥೆಗಳ ಪ್ರತಿನಿಧಿಗಳು ಪಾಲ್ಗೊಂಡಿದ್ದರು. ಕನ್ನಡಸೇನೆಗೆ 25 ವರ್ಷ ತುಂಬಿದ ಸಂದರ್ಭದ ಬೆಳ್ಳಿಹಬ್ಬ ಆಚರಣೆ ಅಂಗವಾಗಿ ವಿವಿಧ ಕ್ಷೇತ್ರಗಳ 25 ಸಾಧಕರನ್ನು ಸನ್ಮಾನಿಸಿ ಗೌರವಿಸಲಾಯಿತು. ವಿಧಾನಪರಿಷತ್ ಮಾಜಿ ಸದಸ್ಯ ಡಾ.ಎಂ.ಆರ್.ಹುಲಿನಾಯ್ಕರ್, ಜಿಲ್ಲಾ ಕನ್ನಡ ಸಾಹಿತ್ಯ ಪರಿಷತ್ ಅಧ್ಯಕ್ಷ ಕೆ.ಎಸ್.ಸಿದ್ದಲಿಂಗಪ್ಪ, ಕಾಂಗ್ರೆಸ್ ಮುಖಂಡ ಮುರಳೀಧರ ಹಾಲಪ್ಪ, ಕನ್ನಡಸೇನೆ ರಾಜ್ಯ ಉಪಾಧ್ಯಕ್ಷ ಕುಪೇಂದ್ರ, ಕನ್ನಡಸೇನೆ ರಾಜ್ಯ ಪ್ರಧಾನ ಕಾರ್ಯದರ್ಶಿ, ಸಾಹಿತಿ ಕವಿತಾಕೃಷ್ಣ, ಶಿಕ್ಷಣ ತಜ್ಞರು, ಸಮಾಜ ಸೇವಕರು ಭಾಗವಹಿಸಿದ್ದರು. ಪಾಲಿಕೆ ಮಾಜಿ ಸದಸ್ಯರು, ಜಿಲ್ಲಾ ಕನ್ನಡಸೇನೆಯ ಪದಾಧಿಕಾರಿಗಳು, ತಾಲ್ಲೂಕು ಅಧ್ಯಕ್ಷರು, ಮಹಿಳಾ ಘಟಕದ ಅಧ್ಯಕ್ಷರು ಹಾಗೂ ಕಾರ್ಯಕರ್ತರು ಉಪಸ್ಥಿತರಿದ್ದರು.
ಧನಂಜಯಕುಮಾರ್, ನೇತಾಜಿ ಶ್ರೀಧರ್, ಪಾವಗಡ ಶ್ರೀರಾಮ್, ಗಂಗಾಧರ್, ಕೆಂಪರಾಜು, ಗೌಡರು, ಚಂದ್ರಶೇಖರ್, ಹೆಚ್.ಎಂ.ಭಾರತಿ, ಹೆಚ್.ಎಸ್.ಪರಮೇಶ್, ವಿಜಯಕುಮಾರ್ ಹಾಗೂ ಇತರರು ಭಾಗವಹಿಸಿದ್ದರು. ಕನ್ನಡಸೇನೆ ಜಿಲ್ಲಾಧ್ಯಕ್ಷ ಧನಿಯಾಕುಮಾರ್ ಅವರು ಅಧ್ಯಕ್ಷತೆ ವಹಿಸಿದ್ದರು. ಕನ್ನಡಸೇನೆಯ ಸಂಸ್ಥಾಪಕ ಅಧ್ಯಕ್ಷರಾದ ಕೆ.ಆರ್.ಕುಮಾರ್, ಮಹಿಳಾ ಘಟಕದ ಅಧ್ಯಕ್ಷರು ಉಪಸ್ಥಿತರಿದ್ದರು. ಕನ್ನಡಸೇನೆ ಕಾರ್ಯಕರ್ತರು ನಗರದ ಪ್ರಮುಖ ರಸ್ತೆಗಳಲ್ಲಿ ಕನ್ನಡ ಬಾವುಟಗಳೊಂದಿಗೆ ಮೆರವಣಿಗೆ ನಡೆಸಿದರು. ಜಾನಪದ ಕಲಾತಂಡಗಳು, ಡೊಳ್ಳು ಕುಣಿತ, ವೀರಗಾಸೆ, ಕೀಲುಕುದುರೆ ಮೆರವಣಿಗೆಗೆ ಮೆರುಗು ನೀಡಿದವು. ನಂತರ ಸಭಾ ಕಾರ್ಯಕ್ರಮ ನಡೆಯಿತು.
